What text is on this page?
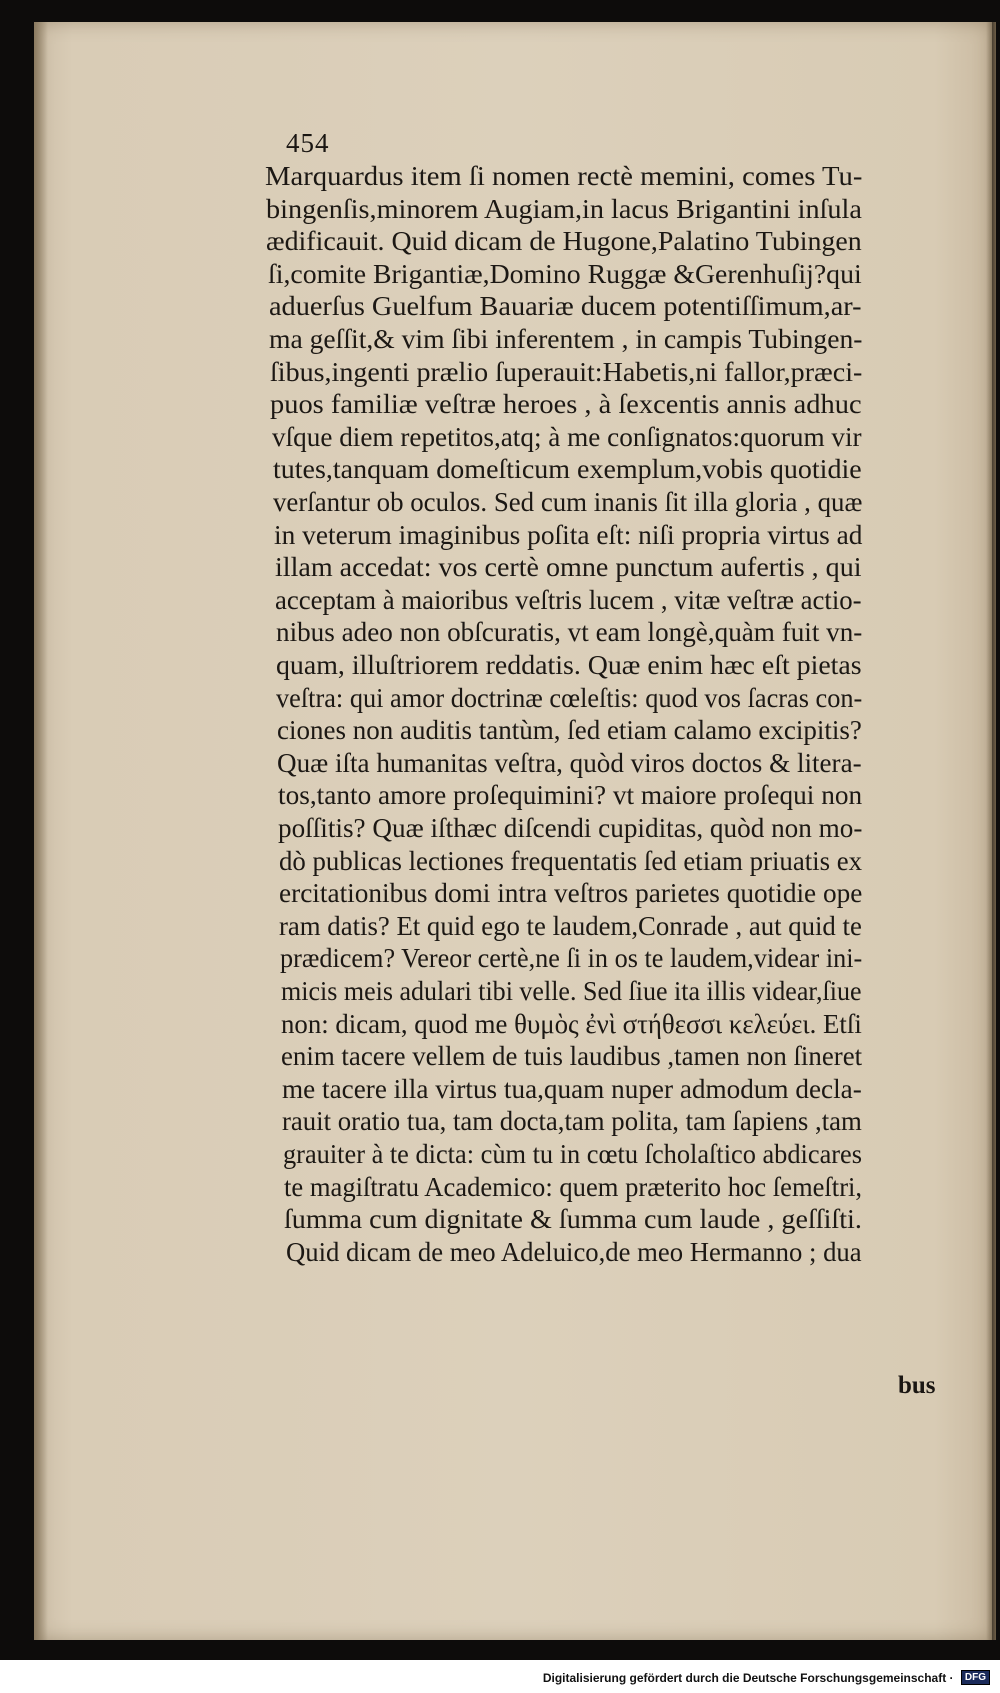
454
Marquardus item ſi nomen rectè memini, comes Tu-
bingenſis,minorem Augiam,in lacus Brigantini inſula
ædificauit. Quid dicam de Hugone,Palatino Tubingen
ſi,comite Brigantiæ,Domino Ruggæ &Gerenhuſij?qui
aduerſus Guelfum Bauariæ ducem potentiſſimum,ar-
ma geſſit,& vim ſibi inferentem , in campis Tubingen-
ſibus,ingenti prælio ſuperauit:Habetis,ni fallor,præci-
puos familiæ veſtræ heroes , à ſexcentis annis adhuc
vſque diem repetitos,atq; à me conſignatos:quorum vir
tutes,tanquam domeſticum exemplum,vobis quotidie
verſantur ob oculos. Sed cum inanis ſit illa gloria , quæ
in veterum imaginibus poſita eſt: niſi propria virtus ad
illam accedat: vos certè omne punctum aufertis , qui
acceptam à maioribus veſtris lucem , vitæ veſtræ actio-
nibus adeo non obſcuratis, vt eam longè,quàm fuit vn-
quam, illuſtriorem reddatis. Quæ enim hæc eſt pietas
veſtra: qui amor doctrinæ cœleſtis: quod vos ſacras con-
ciones non auditis tantùm, ſed etiam calamo excipitis?
Quæ iſta humanitas veſtra, quòd viros doctos & litera-
tos,tanto amore proſequimini? vt maiore proſequi non
poſſitis? Quæ iſthæc diſcendi cupiditas, quòd non mo-
dò publicas lectiones frequentatis ſed etiam priuatis ex
ercitationibus domi intra veſtros parietes quotidie ope
ram datis? Et quid ego te laudem,Conrade , aut quid te
prædicem? Vereor certè,ne ſi in os te laudem,videar ini-
micis meis adulari tibi velle. Sed ſiue ita illis videar,ſiue
non: dicam, quod me θυμὸς ἐνὶ στήθεσσι κελεύει. Etſi
enim tacere vellem de tuis laudibus ,tamen non ſineret
me tacere illa virtus tua,quam nuper admodum decla-
rauit oratio tua, tam docta,tam polita, tam ſapiens ,tam
grauiter à te dicta: cùm tu in cœtu ſcholaſtico abdicares
te magiſtratu Academico: quem præterito hoc ſemeſtri,
ſumma cum dignitate & ſumma cum laude , geſſiſti.
Quid dicam de meo Adeluico,de meo Hermanno ; dua
bus
Digitalisierung gefördert durch die Deutsche Forschungsgemeinschaft · DFG
